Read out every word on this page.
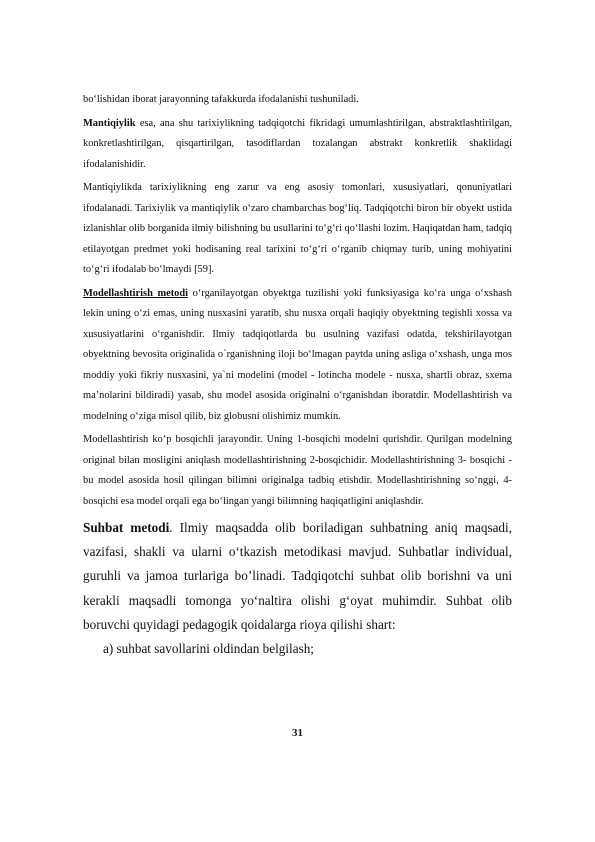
bo‘lishidan iborat jarayonning tafakkurda ifodalanishi tushuniladi.

Mantiqiylik esa, ana shu tarixiylikning tadqiqotchi fikridagi umumlashtirilgan, abstraktlashtirilgan, konkretlashtirilgan, qisqartirilgan, tasodiflardan tozalangan abstrakt konkretlik shaklidagi ifodalanishidir.

Mantiqiylikda tarixiylikning eng zarur va eng asosiy tomonlari, xususiyatlari, qonuniyatlari ifodalanadi. Tarixiylik va mantiqiylik o‘zaro chambarchas bog‘liq. Tadqiqotchi biron bir obyekt ustida izlanishlar olib borganida ilmiy bilishning bu usullarini to‘g‘ri qo‘llashi lozim. Haqiqatdan ham, tadqiq etilayotgan predmet yoki hodisaning real tarixini to‘g‘ri o‘rganib chiqmay turib, uning mohiyatini to‘g‘ri ifodalab bo‘lmaydi [59].

Modellashtirish metodi o‘rganilayotgan obyektga tuzilishi yoki funksiyasiga ko‘ra unga o‘xshash lekin uning o‘zi emas, uning nusxasini yaratib, shu nusxa orqali haqiqiy obyektning tegishli xossa va xususiyatlarini o‘rganishdir. Ilmiy tadqiqotlarda bu usulning vazifasi odatda, tekshirilayotgan obyektning bevosita originalida o`rganishning iloji bo‘lmagan paytda uning asliga o‘xshash, unga mos moddiy yoki fikriy nusxasini, ya`ni modelini (model - lotincha modele - nusxa, shartli obraz, sxema ma’nolarini bildiradi) yasab, shu model asosida originalni o‘rganishdan iboratdir. Modellashtirish va modelning o‘ziga misol qilib, biz globusni olishimiz mumkin.

Modellashtirish ko‘p bosqichli jarayondir. Uning 1-bosqichi modelni qurishdir. Qurilgan modelning original bilan mosligini aniqlash modellashtirishning 2-bosqichidir. Modellashtirishning 3- bosqichi - bu model asosida hosil qilingan bilimni originalga tadbiq etishdir. Modellashtirishning so‘nggi, 4-bosqichi esa model orqali ega bo‘lingan yangi bilimning haqiqatligini aniqlashdir.

Suhbat metodi. Ilmiy maqsadda olib boriladigan suhbatning aniq maqsadi, vazifasi, shakli va ularni o‘tkazish metodikasi mavjud. Suhbatlar individual, guruhli va jamoa turlariga bo’linadi. Tadqiqotchi suhbat olib borishni va uni kerakli maqsadli tomonga yo‘naltira olishi g‘oyat muhimdir. Suhbat olib boruvchi quyidagi pedagogik qoidalarga rioya qilishi shart:

a) suhbat savollarini oldindan belgilash;

31
